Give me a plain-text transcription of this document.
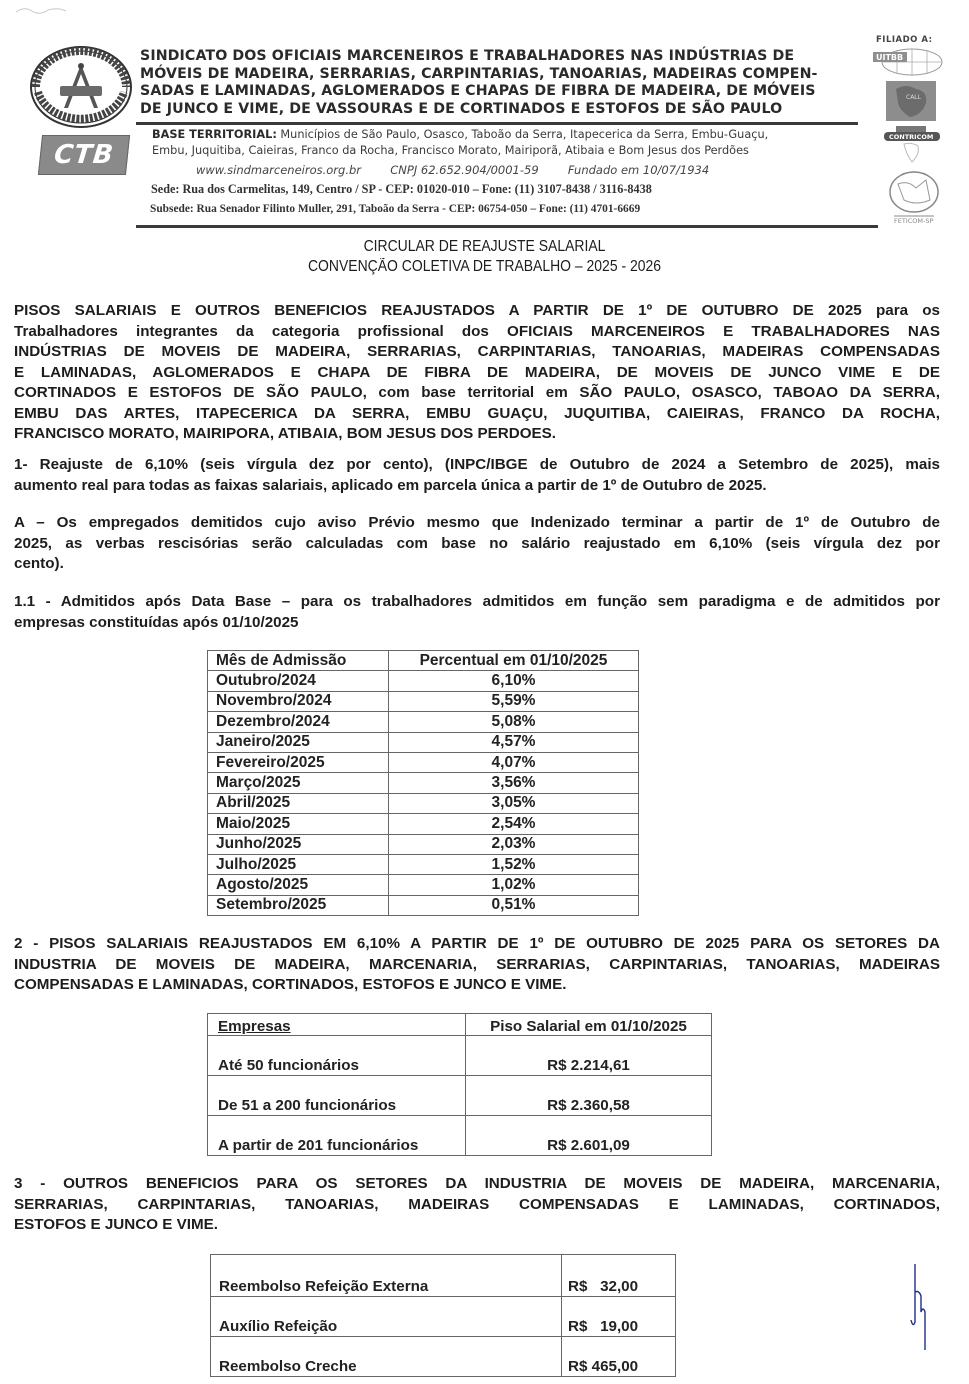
CTB
SINDICATO DOS OFICIAIS MARCENEIROS E TRABALHADORES NAS INDÚSTRIAS DE
MÓVEIS DE MADEIRA, SERRARIAS, CARPINTARIAS, TANOARIAS, MADEIRAS COMPEN-
SADAS E LAMINADAS, AGLOMERADOS E CHAPAS DE FIBRA DE MADEIRA, DE MÓVEIS
DE JUNCO E VIME, DE VASSOURAS E DE CORTINADOS E ESTOFOS DE SÃO PAULO
BASE TERRITORIAL: Municípios de São Paulo, Osasco, Taboão da Serra, Itapecerica da Serra, Embu-Guaçu,
Embu, Juquitiba, Caieiras, Franco da Rocha, Francisco Morato, Mairiporã, Atibaia e Bom Jesus dos Perdões
www.sindmarceneiros.org.br	CNPJ 62.652.904/0001-59	Fundado em 10/07/1934
Sede: Rua dos Carmelitas, 149, Centro / SP - CEP: 01020-010 – Fone: (11) 3107-8438 / 3116-8438
Subsede: Rua Senador Filinto Muller, 291, Taboão da Serra - CEP: 06754-050 – Fone: (11) 4701-6669
FILIADO A:
UITBB
CALL
CONTRICOM
FETICOM-SP
CIRCULAR DE REAJUSTE SALARIAL
CONVENÇÃO COLETIVA DE TRABALHO – 2025 - 2026
PISOS SALARIAIS E OUTROS BENEFICIOS REAJUSTADOS A PARTIR DE 1º DE OUTUBRO DE 2025 para os
Trabalhadores integrantes da categoria profissional dos OFICIAIS MARCENEIROS E TRABALHADORES NAS
INDÚSTRIAS DE MOVEIS DE MADEIRA, SERRARIAS, CARPINTARIAS, TANOARIAS, MADEIRAS COMPENSADAS
E LAMINADAS, AGLOMERADOS E CHAPA DE FIBRA DE MADEIRA, DE MOVEIS DE JUNCO VIME E DE
CORTINADOS E ESTOFOS DE SÃO PAULO, com base territorial em SÃO PAULO, OSASCO, TABOAO DA SERRA,
EMBU DAS ARTES, ITAPECERICA DA SERRA, EMBU GUAÇU, JUQUITIBA, CAIEIRAS, FRANCO DA ROCHA,
FRANCISCO MORATO, MAIRIPORA, ATIBAIA, BOM JESUS DOS PERDOES.
1- Reajuste de 6,10% (seis vírgula dez por cento), (INPC/IBGE de Outubro de 2024 a Setembro de 2025), mais
aumento real para todas as faixas salariais, aplicado em parcela única a partir de 1º de Outubro de 2025.
A – Os empregados demitidos cujo aviso Prévio mesmo que Indenizado terminar a partir de 1º de Outubro de
2025, as verbas rescisórias serão calculadas com base no salário reajustado em 6,10% (seis vírgula dez por
cento).
1.1 - Admitidos após Data Base – para os trabalhadores admitidos em função sem paradigma e de admitidos por
empresas constituídas após 01/10/2025
Mês de Admissão	Percentual em 01/10/2025
Outubro/2024	6,10%
Novembro/2024	5,59%
Dezembro/2024	5,08%
Janeiro/2025	4,57%
Fevereiro/2025	4,07%
Março/2025	3,56%
Abril/2025	3,05%
Maio/2025	2,54%
Junho/2025	2,03%
Julho/2025	1,52%
Agosto/2025	1,02%
Setembro/2025	0,51%
2 - PISOS SALARIAIS REAJUSTADOS EM 6,10% A PARTIR DE 1º DE OUTUBRO DE 2025 PARA OS SETORES DA
INDUSTRIA DE MOVEIS DE MADEIRA, MARCENARIA, SERRARIAS, CARPINTARIAS, TANOARIAS, MADEIRAS
COMPENSADAS E LAMINADAS, CORTINADOS, ESTOFOS E JUNCO E VIME.
Empresas	Piso Salarial em 01/10/2025
Até 50 funcionários	R$ 2.214,61
De 51 a 200 funcionários	R$ 2.360,58
A partir de 201 funcionários	R$ 2.601,09
3 - OUTROS BENEFICIOS PARA OS SETORES DA INDUSTRIA DE MOVEIS DE MADEIRA, MARCENARIA,
SERRARIAS, CARPINTARIAS, TANOARIAS, MADEIRAS COMPENSADAS E LAMINADAS, CORTINADOS,
ESTOFOS E JUNCO E VIME.
Reembolso Refeição Externa	R$   32,00
Auxílio Refeição	R$   19,00
Reembolso Creche	R$ 465,00
